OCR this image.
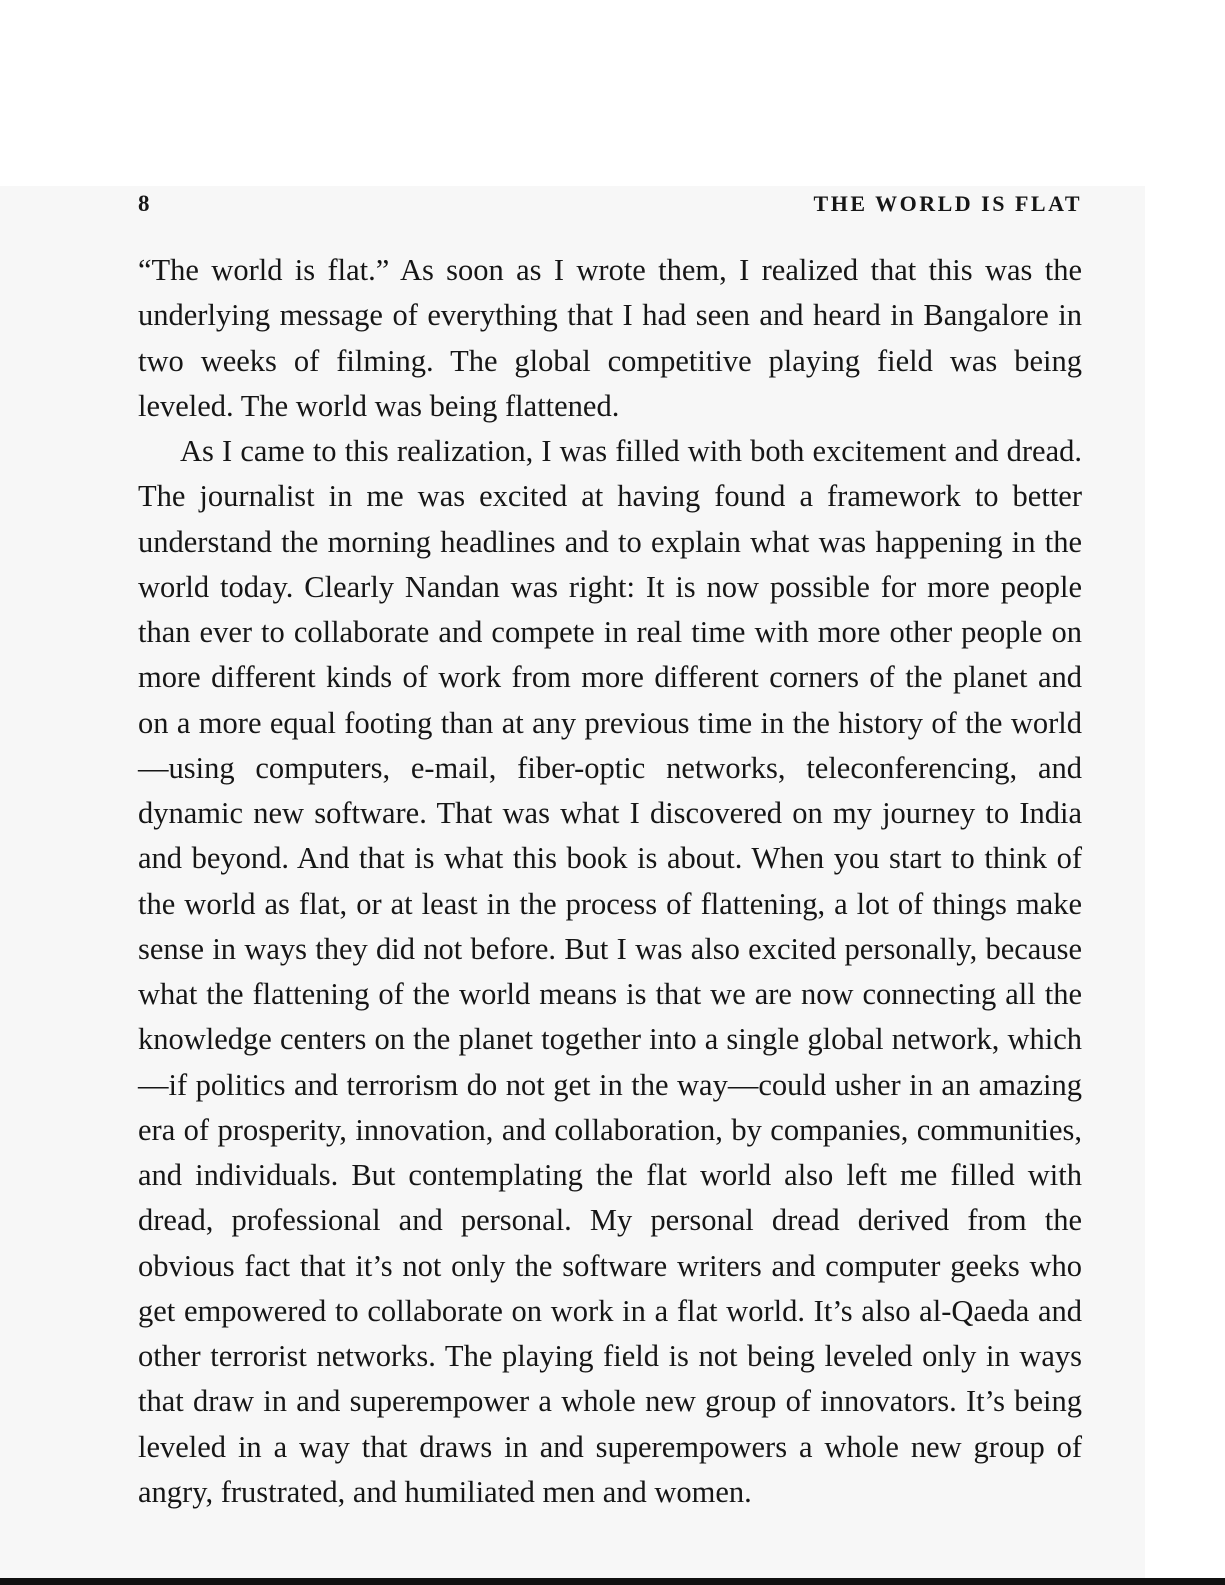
8	THE WORLD IS FLAT

“The world is flat.” As soon as I wrote them, I realized that this was the underlying message of everything that I had seen and heard in Bangalore in two weeks of filming. The global competitive playing field was being leveled. The world was being flattened.

As I came to this realization, I was filled with both excitement and dread. The journalist in me was excited at having found a framework to better understand the morning headlines and to explain what was happening in the world today. Clearly Nandan was right: It is now possible for more people than ever to collaborate and compete in real time with more other people on more different kinds of work from more different corners of the planet and on a more equal footing than at any previous time in the history of the world—using computers, e-mail, fiber-optic networks, teleconferencing, and dynamic new software. That was what I discovered on my journey to India and beyond. And that is what this book is about. When you start to think of the world as flat, or at least in the process of flattening, a lot of things make sense in ways they did not before. But I was also excited personally, because what the flattening of the world means is that we are now connecting all the knowledge centers on the planet together into a single global network, which—if politics and terrorism do not get in the way—could usher in an amazing era of prosperity, innovation, and collaboration, by companies, communities, and individuals. But contemplating the flat world also left me filled with dread, professional and personal. My personal dread derived from the obvious fact that it’s not only the software writers and computer geeks who get empowered to collaborate on work in a flat world. It’s also al-Qaeda and other terrorist networks. The playing field is not being leveled only in ways that draw in and superempower a whole new group of innovators. It’s being leveled in a way that draws in and superempowers a whole new group of angry, frustrated, and humiliated men and women.
